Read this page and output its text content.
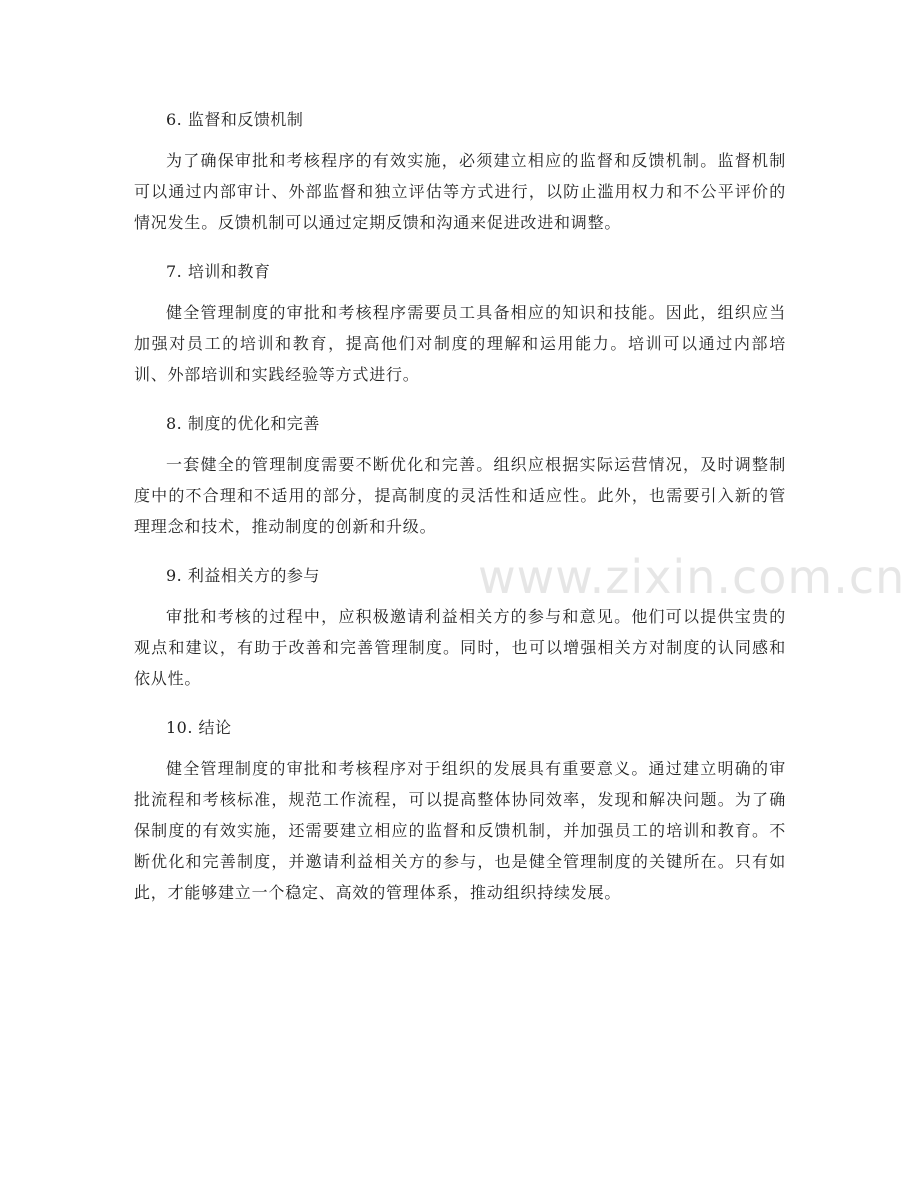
www.zixin.com.cn
6. 监督和反馈机制

为了确保审批和考核程序的有效实施，必须建立相应的监督和反馈机制。监督机制可以通过内部审计、外部监督和独立评估等方式进行，以防止滥用权力和不公平评价的情况发生。反馈机制可以通过定期反馈和沟通来促进改进和调整。

7. 培训和教育

健全管理制度的审批和考核程序需要员工具备相应的知识和技能。因此，组织应当加强对员工的培训和教育，提高他们对制度的理解和运用能力。培训可以通过内部培训、外部培训和实践经验等方式进行。

8. 制度的优化和完善

一套健全的管理制度需要不断优化和完善。组织应根据实际运营情况，及时调整制度中的不合理和不适用的部分，提高制度的灵活性和适应性。此外，也需要引入新的管理理念和技术，推动制度的创新和升级。

9. 利益相关方的参与

审批和考核的过程中，应积极邀请利益相关方的参与和意见。他们可以提供宝贵的观点和建议，有助于改善和完善管理制度。同时，也可以增强相关方对制度的认同感和依从性。

10. 结论

健全管理制度的审批和考核程序对于组织的发展具有重要意义。通过建立明确的审批流程和考核标准，规范工作流程，可以提高整体协同效率，发现和解决问题。为了确保制度的有效实施，还需要建立相应的监督和反馈机制，并加强员工的培训和教育。不断优化和完善制度，并邀请利益相关方的参与，也是健全管理制度的关键所在。只有如此，才能够建立一个稳定、高效的管理体系，推动组织持续发展。
